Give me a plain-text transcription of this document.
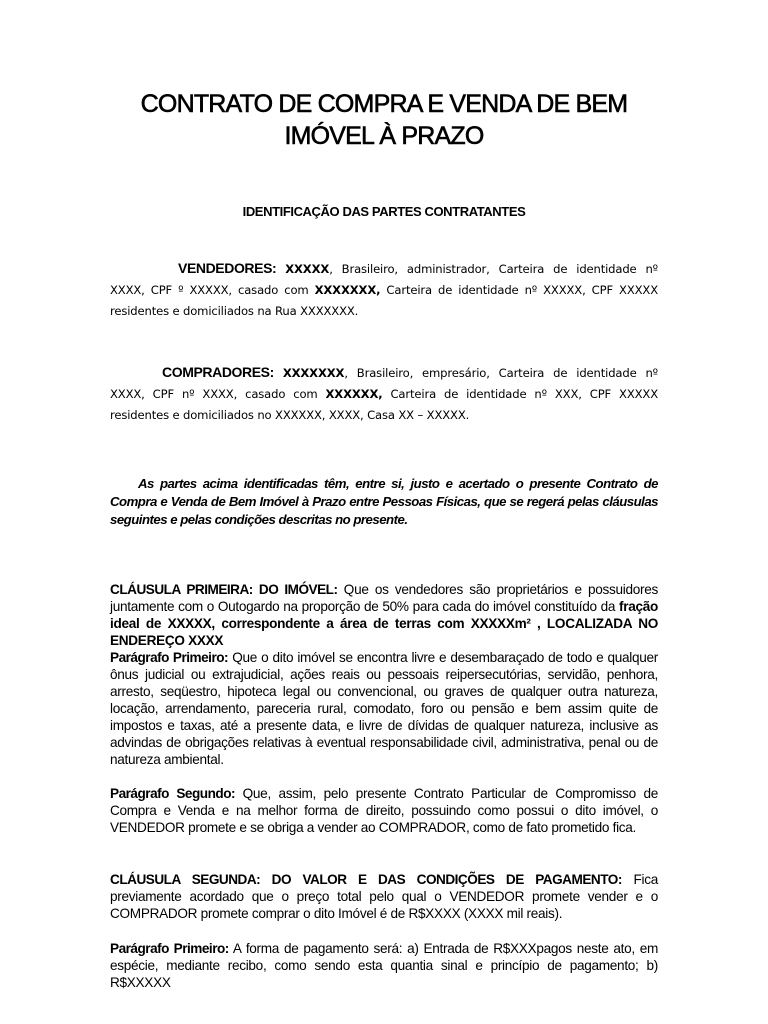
CONTRATO DE COMPRA E VENDA DE BEM
IMÓVEL À PRAZO

IDENTIFICAÇÃO DAS PARTES CONTRATANTES

VENDEDORES: XXXXX, Brasileiro, administrador, Carteira de identidade nº XXXX, CPF º XXXXX, casado com XXXXXXX, Carteira de identidade nº XXXXX, CPF XXXXX residentes e domiciliados na Rua XXXXXXX.

COMPRADORES: XXXXXXX, Brasileiro, empresário, Carteira de identidade nº XXXX, CPF nº XXXX, casado com XXXXXX, Carteira de identidade nº XXX, CPF XXXXX residentes e domiciliados no XXXXXX, XXXX, Casa XX – XXXXX.

As partes acima identificadas têm, entre si, justo e acertado o presente Contrato de Compra e Venda de Bem Imóvel à Prazo entre Pessoas Físicas, que se regerá pelas cláusulas seguintes e pelas condições descritas no presente.

CLÁUSULA PRIMEIRA: DO IMÓVEL: Que os vendedores são proprietários e possuidores juntamente com o Outogardo na proporção de 50% para cada do imóvel constituído da fração ideal de XXXXX, correspondente a área de terras com XXXXXm² , LOCALIZADA NO ENDEREÇO XXXX

Parágrafo Primeiro: Que o dito imóvel se encontra livre e desembaraçado de todo e qualquer ônus judicial ou extrajudicial, ações reais ou pessoais reipersecutórias, servidão, penhora, arresto, seqüestro, hipoteca legal ou convencional, ou graves de qualquer outra natureza, locação, arrendamento, pareceria rural, comodato, foro ou pensão e bem assim quite de impostos e taxas, até a presente data, e livre de dívidas de qualquer natureza, inclusive as advindas de obrigações relativas à eventual responsabilidade civil, administrativa, penal ou de natureza ambiental.

Parágrafo Segundo: Que, assim, pelo presente Contrato Particular de Compromisso de Compra e Venda e na melhor forma de direito, possuindo como possui o dito imóvel, o VENDEDOR promete e se obriga a vender ao COMPRADOR, como de fato prometido fica.

CLÁUSULA SEGUNDA: DO VALOR E DAS CONDIÇÕES DE PAGAMENTO: Fica previamente acordado que o preço total pelo qual o VENDEDOR promete vender e o COMPRADOR promete comprar o dito Imóvel é de R$XXXX (XXXX mil reais).

Parágrafo Primeiro: A forma de pagamento será: a) Entrada de R$XXXpagos neste ato, em espécie, mediante recibo, como sendo esta quantia sinal e princípio de pagamento; b) R$XXXXX
